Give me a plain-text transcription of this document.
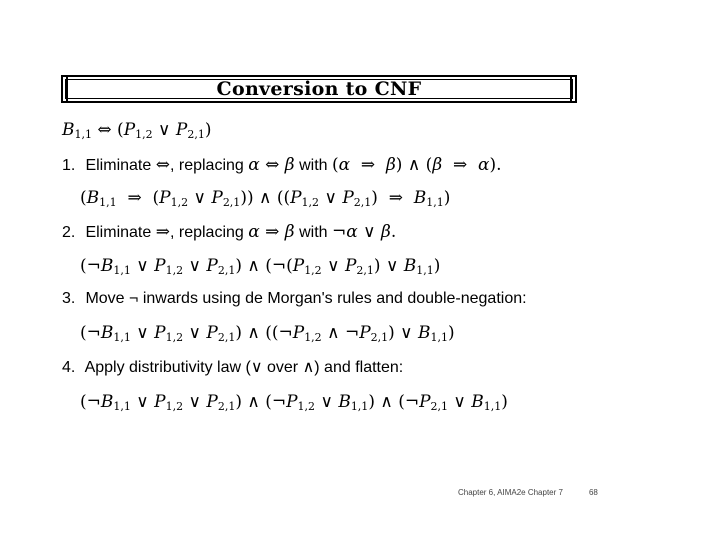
Conversion to CNF
$B_{1,1}$ ⇔ ($P_{1,2}$ ∨ $P_{2,1}$)
1. Eliminate ⇔, replacing α ⇔ β with (α  ⇒  β) ∧ (β  ⇒  α).
($B_{1,1}$  ⇒  ($P_{1,2}$ ∨ $P_{2,1}$)) ∧ (($P_{1,2}$ ∨ $P_{2,1}$)  ⇒  $B_{1,1}$)
2. Eliminate ⇒, replacing α ⇒ β with ¬α ∨ β.
($\neg B_{1,1}$ ∨ $P_{1,2}$ ∨ $P_{2,1}$) ∧ ($\neg(P_{1,2}$ ∨ $P_{2,1}$) ∨ $B_{1,1}$)
3. Move ¬ inwards using de Morgan's rules and double-negation:
($\neg B_{1,1}$ ∨ $P_{1,2}$ ∨ $P_{2,1}$) ∧ (($\neg P_{1,2}$ ∧ $\neg P_{2,1}$) ∨ $B_{1,1}$)
4. Apply distributivity law (∨ over ∧) and flatten:
($\neg B_{1,1}$ ∨ $P_{1,2}$ ∨ $P_{2,1}$) ∧ ($\neg P_{1,2}$ ∨ $B_{1,1}$) ∧ ($\neg P_{2,1}$ ∨ $B_{1,1}$)
Chapter 6, AIMA2e Chapter 7	68
